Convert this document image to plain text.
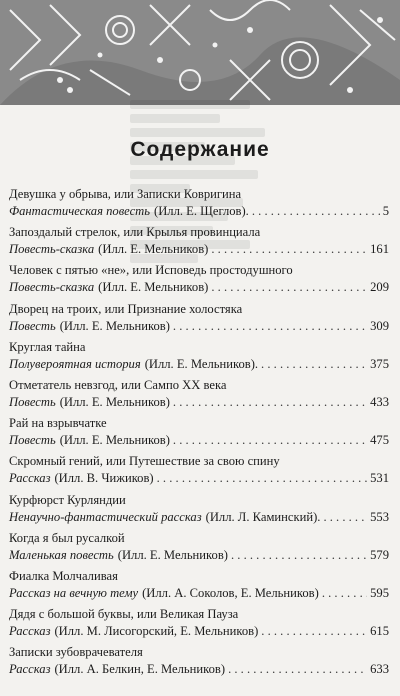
Содержание
Девушка у обрыва, или Записки Ковригина
Фантастическая повесть (Илл. Е. Щеглов). . . .	5
Запоздалый стрелок, или Крылья провинциала
Повесть-сказка (Илл. Е. Мельников) . . .	161
Человек с пятью «не», или Исповедь простодушного
Повесть-сказка (Илл. Е. Мельников) . . .	209
Дворец на троих, или Признание холостяка
Повесть (Илл. Е. Мельников) . . .	309
Круглая тайна
Полувероятная история (Илл. Е. Мельников). . . .	375
Отметатель невзгод, или Сампо XX века
Повесть (Илл. Е. Мельников) . . .	433
Рай на взрывчатке
Повесть (Илл. Е. Мельников) . . .	475
Скромный гений, или Путешествие за свою спину
Рассказ (Илл. В. Чижиков) . . .	531
Курфюрст Курляндии
Ненаучно-фантастический рассказ (Илл. Л. Каминский). . . .	553
Когда я был русалкой
Маленькая повесть (Илл. Е. Мельников) . . .	579
Фиалка Молчаливая
Рассказ на вечную тему (Илл. А. Соколов, Е. Мельников) . . .	595
Дядя с большой буквы, или Великая Пауза
Рассказ (Илл. М. Лисогорский, Е. Мельников) . . .	615
Записки зубоврачевателя
Рассказ (Илл. А. Белкин, Е. Мельников) . . .	633
